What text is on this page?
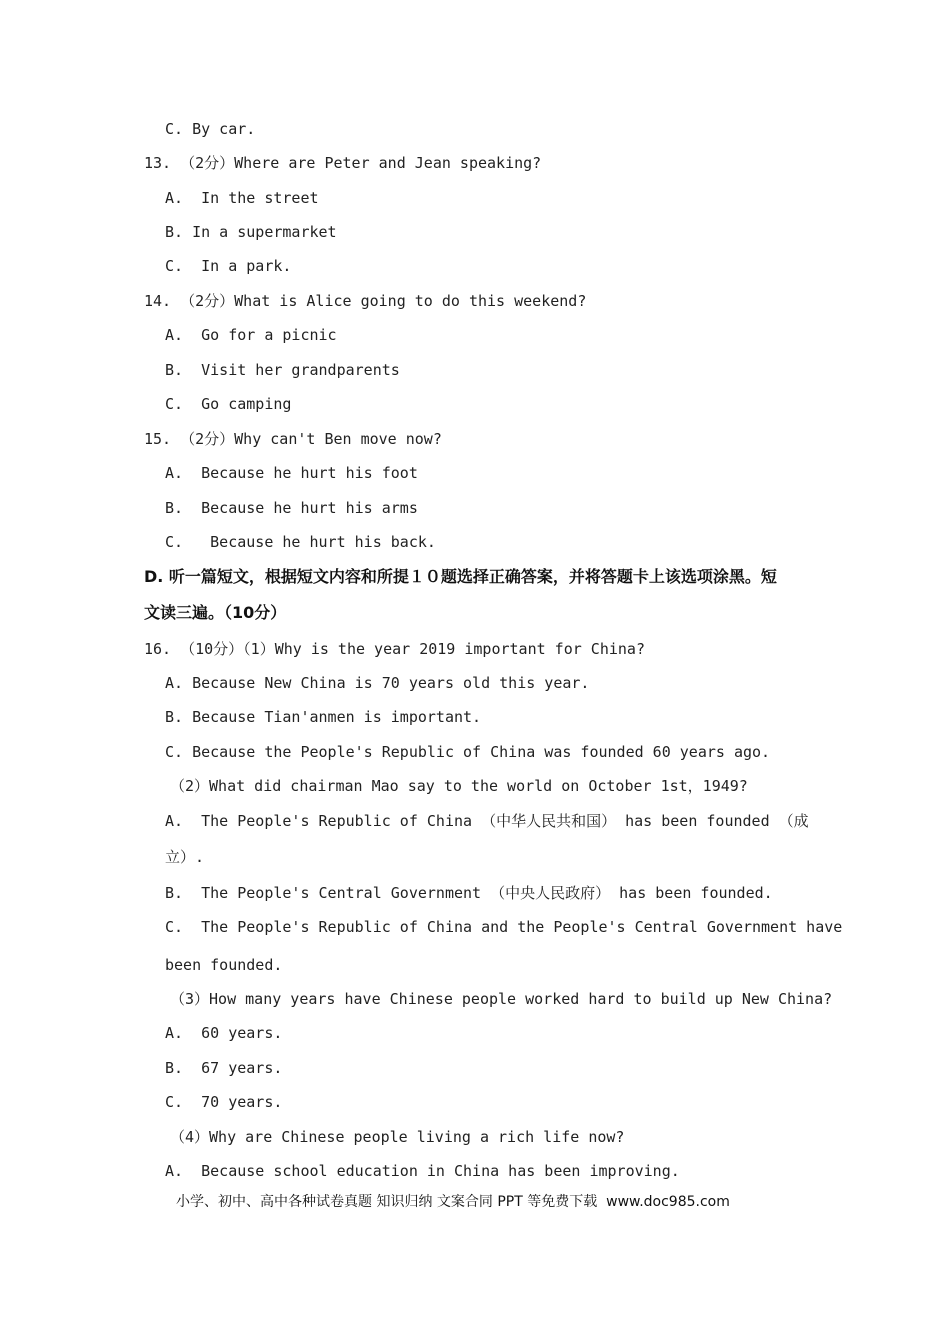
C. By car.
13. （2分）Where are Peter and Jean speaking?
A.  In the street
B. In a supermarket
C.  In a park.
14. （2分）What is Alice going to do this weekend?
A.  Go for a picnic
B.  Visit her grandparents
C.  Go camping
15. （2分）Why can't Ben move now?
A.  Because he hurt his foot
B.  Because he hurt his arms
C.   Because he hurt his back.
D. 听一篇短文，根据短文内容和所提１０题选择正确答案，并将答题卡上该选项涂黑。短
文读三遍。（10分）
16. （10分）（1）Why is the year 2019 important for China?
A. Because New China is 70 years old this year.
B. Because Tian'anmen is important.
C. Because the People's Republic of China was founded 60 years ago.
（2）What did chairman Mao say to the world on October 1st，1949?
A.  The People's Republic of China （中华人民共和国） has been founded （成
立）.
B.  The People's Central Government （中央人民政府） has been founded.
C.  The People's Republic of China and the People's Central Government have
been founded.
（3）How many years have Chinese people worked hard to build up New China?
A.  60 years.
B.  67 years.
C.  70 years.
（4）Why are Chinese people living a rich life now?
A.  Because school education in China has been improving.
小学、初中、高中各种试卷真题 知识归纳 文案合同 PPT 等免费下载  www.doc985.com
